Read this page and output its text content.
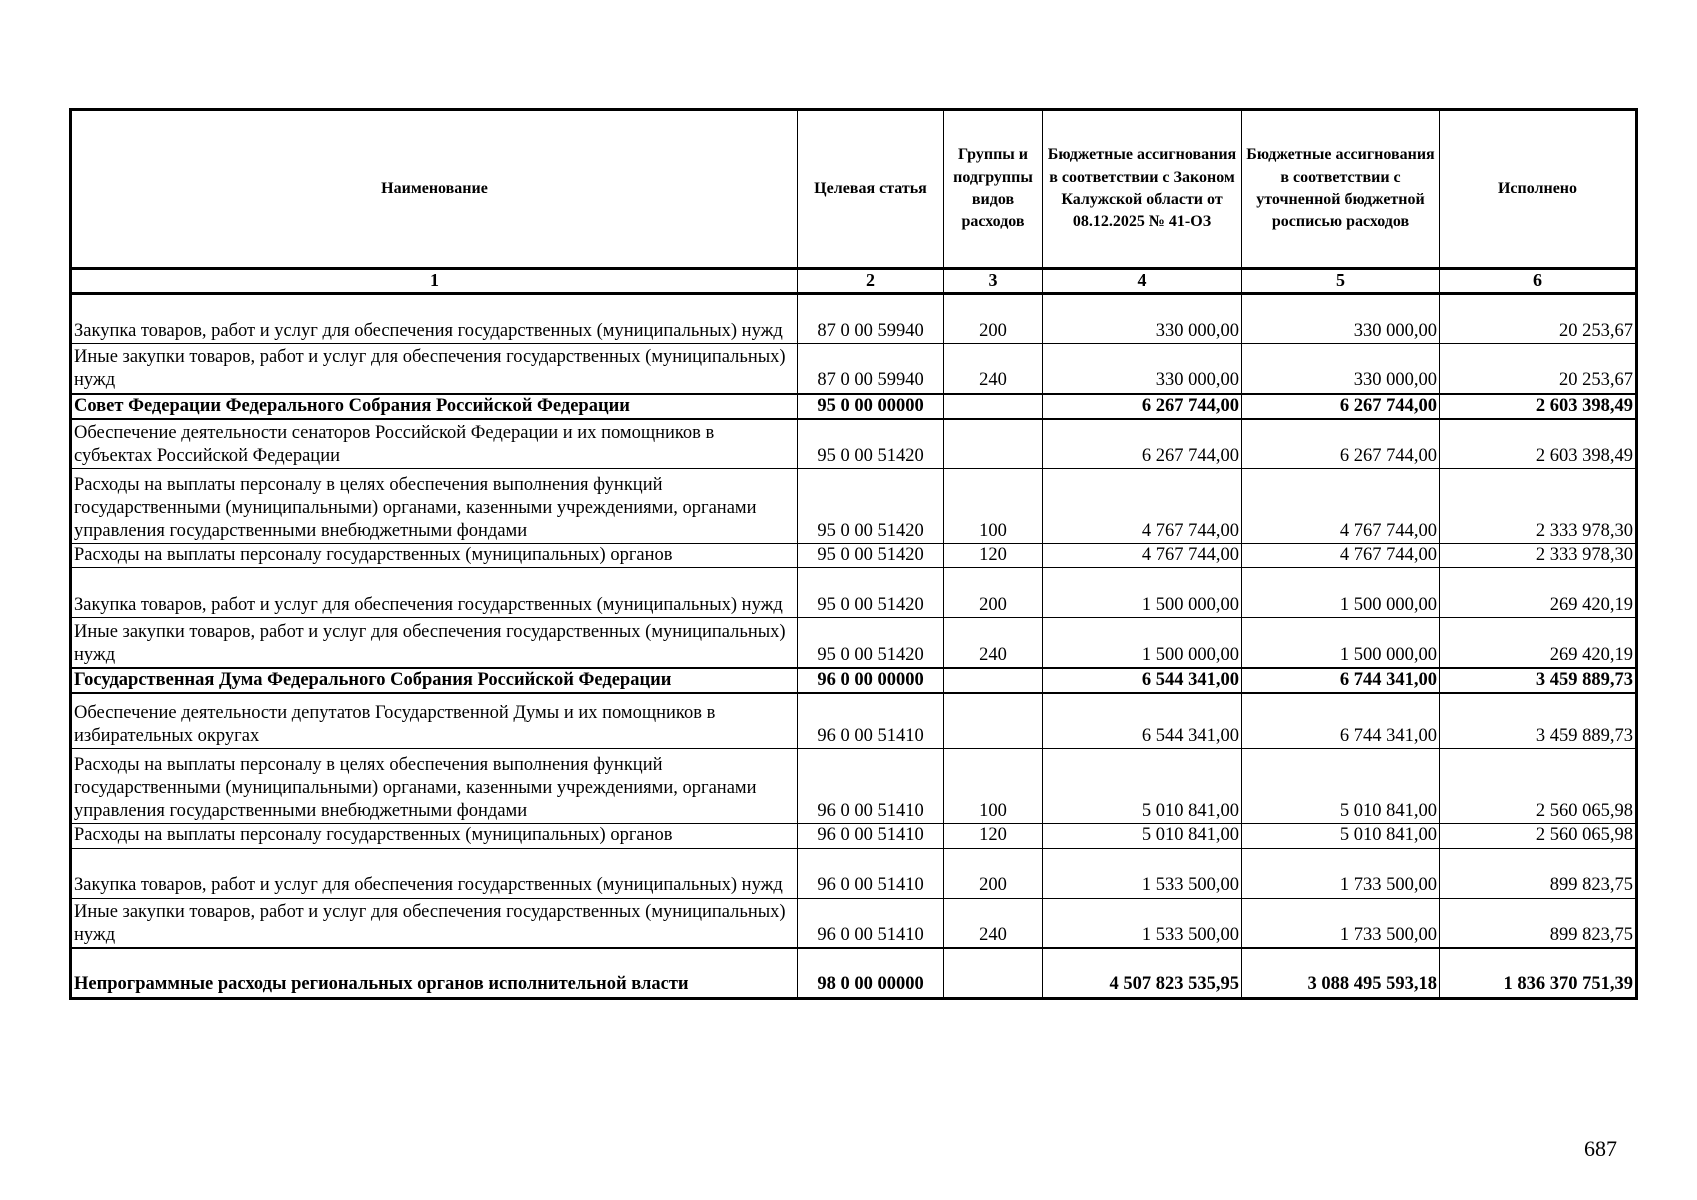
Наименование	Целевая статья	Группы и подгруппы видов расходов	Бюджетные ассигнования в соответствии с Законом Калужской области от 08.12.2025 № 41-ОЗ	Бюджетные ассигнования в соответствии с уточненной бюджетной росписью расходов	Исполнено
1	2	3	4	5	6
Закупка товаров, работ и услуг для обеспечения государственных (муниципальных) нужд	87 0 00 59940	200	330 000,00	330 000,00	20 253,67
Иные закупки товаров, работ и услуг для обеспечения государственных (муниципальных) нужд	87 0 00 59940	240	330 000,00	330 000,00	20 253,67
Совет Федерации Федерального Собрания Российской Федерации	95 0 00 00000		6 267 744,00	6 267 744,00	2 603 398,49
Обеспечение деятельности сенаторов Российской Федерации и их помощников в субъектах Российской Федерации	95 0 00 51420		6 267 744,00	6 267 744,00	2 603 398,49
Расходы на выплаты персоналу в целях обеспечения выполнения функций государственными (муниципальными) органами, казенными учреждениями, органами управления государственными внебюджетными фондами	95 0 00 51420	100	4 767 744,00	4 767 744,00	2 333 978,30
Расходы на выплаты персоналу государственных (муниципальных) органов	95 0 00 51420	120	4 767 744,00	4 767 744,00	2 333 978,30
Закупка товаров, работ и услуг для обеспечения государственных (муниципальных) нужд	95 0 00 51420	200	1 500 000,00	1 500 000,00	269 420,19
Иные закупки товаров, работ и услуг для обеспечения государственных (муниципальных) нужд	95 0 00 51420	240	1 500 000,00	1 500 000,00	269 420,19
Государственная Дума Федерального Собрания Российской Федерации	96 0 00 00000		6 544 341,00	6 744 341,00	3 459 889,73
Обеспечение деятельности депутатов Государственной Думы и их помощников в избирательных округах	96 0 00 51410		6 544 341,00	6 744 341,00	3 459 889,73
Расходы на выплаты персоналу в целях обеспечения выполнения функций государственными (муниципальными) органами, казенными учреждениями, органами управления государственными внебюджетными фондами	96 0 00 51410	100	5 010 841,00	5 010 841,00	2 560 065,98
Расходы на выплаты персоналу государственных (муниципальных) органов	96 0 00 51410	120	5 010 841,00	5 010 841,00	2 560 065,98
Закупка товаров, работ и услуг для обеспечения государственных (муниципальных) нужд	96 0 00 51410	200	1 533 500,00	1 733 500,00	899 823,75
Иные закупки товаров, работ и услуг для обеспечения государственных (муниципальных) нужд	96 0 00 51410	240	1 533 500,00	1 733 500,00	899 823,75
Непрограммные расходы региональных органов исполнительной власти	98 0 00 00000		4 507 823 535,95	3 088 495 593,18	1 836 370 751,39
687
